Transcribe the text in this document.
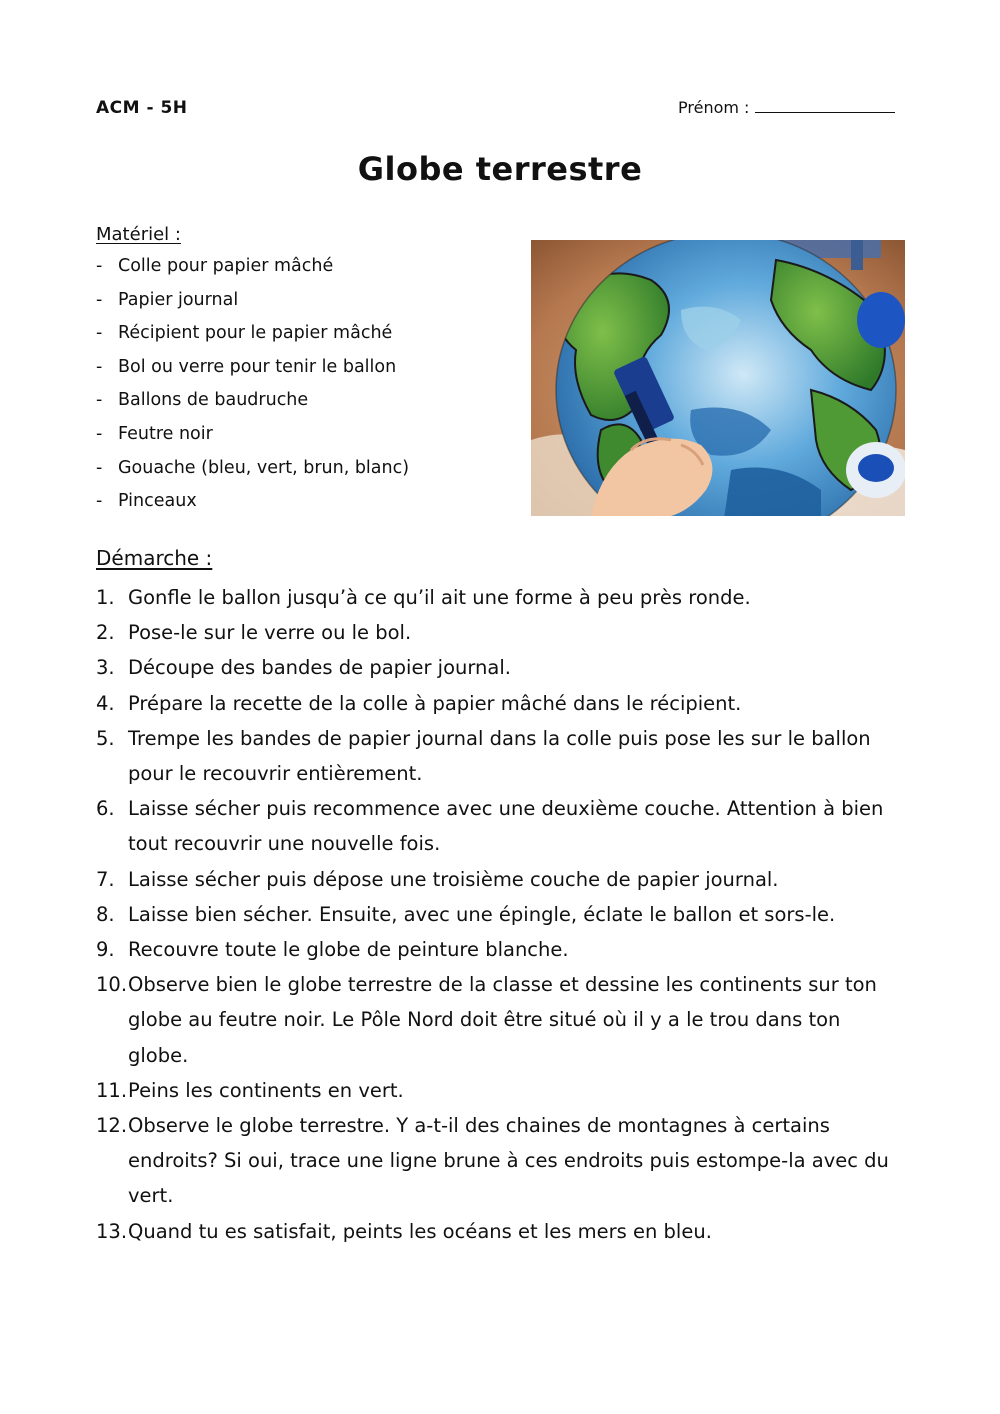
ACM - 5H	Prénom :
Globe terrestre
Matériel :
- Colle pour papier mâché
- Papier journal
- Récipient pour le papier mâché
- Bol ou verre pour tenir le ballon
- Ballons de baudruche
- Feutre noir
- Gouache (bleu, vert, brun, blanc)
- Pinceaux
Démarche :
1. Gonfle le ballon jusqu’à ce qu’il ait une forme à peu près ronde.
2. Pose-le sur le verre ou le bol.
3. Découpe des bandes de papier journal.
4. Prépare la recette de la colle à papier mâché dans le récipient.
5. Trempe les bandes de papier journal dans la colle puis pose les sur le ballon pour le recouvrir entièrement.
6. Laisse sécher puis recommence avec une deuxième couche. Attention à bien tout recouvrir une nouvelle fois.
7. Laisse sécher puis dépose une troisième couche de papier journal.
8. Laisse bien sécher. Ensuite, avec une épingle, éclate le ballon et sors-le.
9. Recouvre toute le globe de peinture blanche.
10. Observe bien le globe terrestre de la classe et dessine les continents sur ton globe au feutre noir. Le Pôle Nord doit être situé où il y a le trou dans ton globe.
11. Peins les continents en vert.
12. Observe le globe terrestre. Y a-t-il des chaines de montagnes à certains endroits? Si oui, trace une ligne brune à ces endroits puis estompe-la avec du vert.
13. Quand tu es satisfait, peints les océans et les mers en bleu.
